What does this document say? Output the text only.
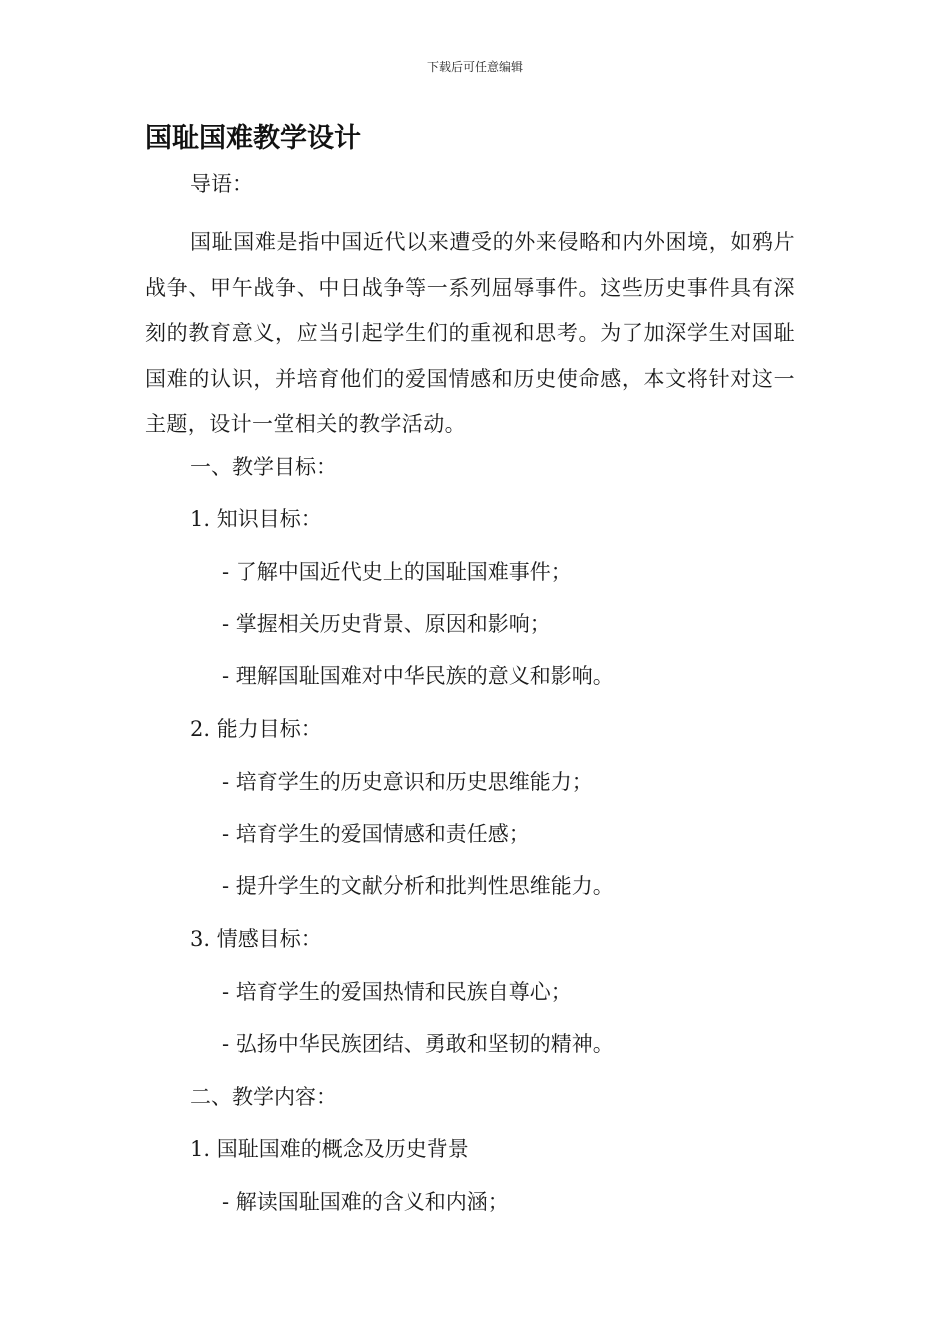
下载后可任意编辑
国耻国难教学设计
导语：
国耻国难是指中国近代以来遭受的外来侵略和内外困境，如鸦片战争、甲午战争、中日战争等一系列屈辱事件。这些历史事件具有深刻的教育意义，应当引起学生们的重视和思考。为了加深学生对国耻国难的认识，并培育他们的爱国情感和历史使命感，本文将针对这一主题，设计一堂相关的教学活动。
一、教学目标：
1. 知识目标：
- 了解中国近代史上的国耻国难事件；
- 掌握相关历史背景、原因和影响；
- 理解国耻国难对中华民族的意义和影响。
2. 能力目标：
- 培育学生的历史意识和历史思维能力；
- 培育学生的爱国情感和责任感；
- 提升学生的文献分析和批判性思维能力。
3. 情感目标：
- 培育学生的爱国热情和民族自尊心；
- 弘扬中华民族团结、勇敢和坚韧的精神。
二、教学内容：
1. 国耻国难的概念及历史背景
- 解读国耻国难的含义和内涵；
